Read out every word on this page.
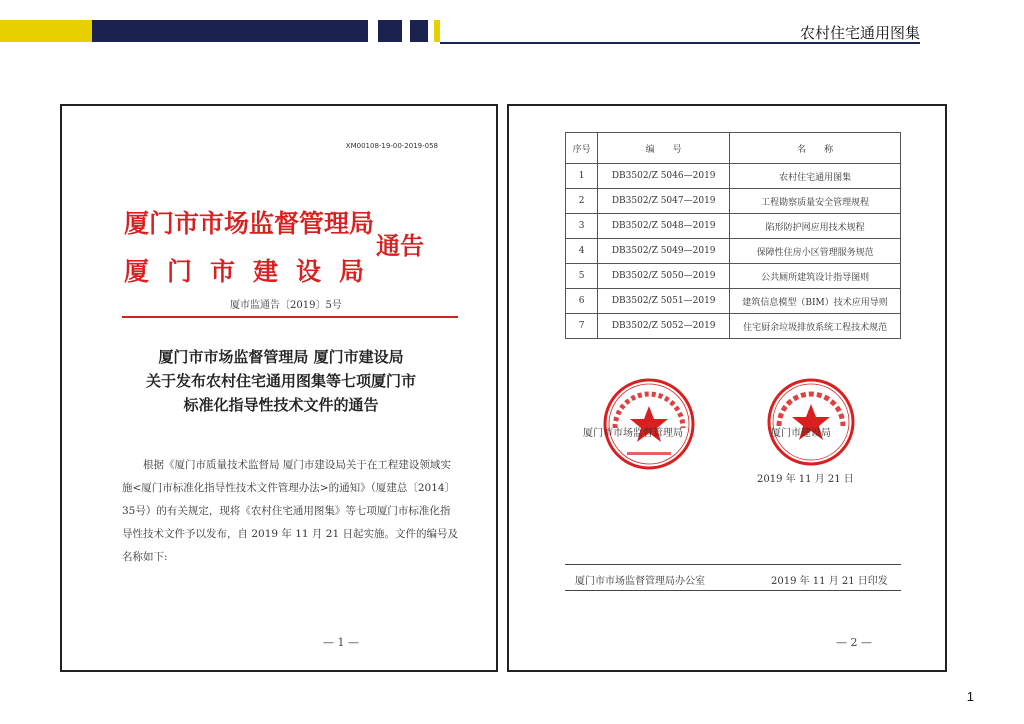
农村住宅通用图集
XM00108-19-00-2019-058
厦门市市场监督管理局
厦门市建设局
通告
厦市监通告〔2019〕5号
厦门市市场监督管理局 厦门市建设局
关于发布农村住宅通用图集等七项厦门市
标准化指导性技术文件的通告

根据《厦门市质量技术监督局 厦门市建设局关于在工程建设领域实施<厦门市标准化指导性技术文件管理办法>的通知》（厦建总〔2014〕35号）的有关规定，现将《农村住宅通用图集》等七项厦门市标准化指导性技术文件予以发布，自 2019 年 11 月 21 日起实施。文件的编号及名称如下:

— 1 —
序号	编　　号	名　　称
1	DB3502/Z 5046—2019	农村住宅通用图集
2	DB3502/Z 5047—2019	工程勘察质量安全管理规程
3	DB3502/Z 5048—2019	陷形防护网应用技术规程
4	DB3502/Z 5049—2019	保障性住房小区管理服务规范
5	DB3502/Z 5050—2019	公共厕所建筑设计指导图则
6	DB3502/Z 5051—2019	建筑信息模型（BIM）技术应用导则
7	DB3502/Z 5052—2019	住宅厨余垃圾排放系统工程技术规范
厦门市市场监督管理局	厦门市建设局
2019 年 11 月 21 日
厦门市市场监督管理局办公室	2019 年 11 月 21 日印发
— 2 —
1
